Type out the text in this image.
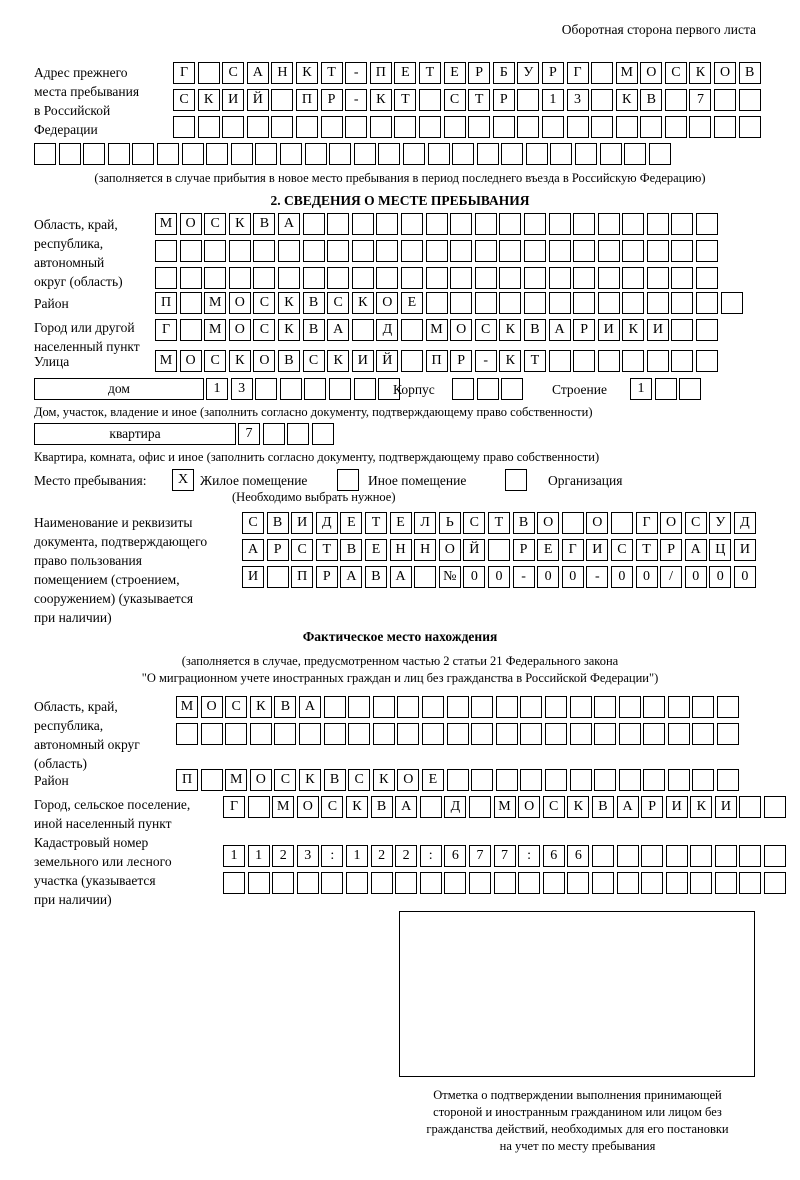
Оборотная сторона первого листа
Адрес прежнего
места пребывания
в Российской
Федерации
Г	С	А	Н	К	Т	-	П	Е	Т	Е	Р	Б	У	Р	Г	М О	С	К	О	В
С	К	И	Й	П	Р	-	К	Т	С	Т	Р	1	3	К	В	7
(заполняется в случае прибытия в новое место пребывания в период последнего въезда в Российскую Федерацию)
2. СВЕДЕНИЯ О МЕСТЕ ПРЕБЫВАНИЯ
Область, край,
республика,
автономный
округ (область)
М О	С	К	В	А
Район	П	М О	С	К	В	С	К	О	Е
Город или другой
населенный пункт
Г	М О	С	К	В	А	Д	М О	С	К	В	А	Р	И	К	И
Улица	М О	С	К	О	В	С	К	И	Й	П	Р	-	К	Т
дом	1	3	Корпус	Строение	1
Дом, участок, владение и иное (заполнить согласно документу, подтверждающему право собственности)
квартира	7
Квартира, комната, офис и иное (заполнить согласно документу, подтверждающему право собственности)
Место пребывания:	Х Жилое помещение	Иное помещение	Организация
(Необходимо выбрать нужное)
Наименование и реквизиты
документа, подтверждающего
право пользования
помещением (строением,
сооружением) (указывается
при наличии)
С	В	И	Д	Е	Т	Е	Л	Ь	С	Т	В	О	О	Г	О	С	У	Д
А	Р	С	Т	В	Е	Н	Н	О	Й	Р	Е	Г	И	С	Т	Р	А	Ц	И
И	П	Р	А	В	А	№	0	0	-	0	0	-	0	0	/	0	0	0
Фактическое место нахождения
(заполняется в случае, предусмотренном частью 2 статьи 21 Федерального закона
"О миграционном учете иностранных граждан и лиц без гражданства в Российской Федерации")
Область, край,
республика,
автономный округ
(область)
М О	С	К	В	А
Район	П	М О	С	К	В	С	К	О	Е
Город, сельское поселение,
иной населенный пункт
Г	М О	С	К	В	А	Д	М О	С	К	В	А	Р	И	К	И
Кадастровый номер
земельного или лесного
участка (указывается
при наличии)
1	1	2	3	:	1	2	2	:	6	7	7	:	6	6
Отметка о подтверждении выполнения принимающей
стороной и иностранным гражданином или лицом без
гражданства действий, необходимых для его постановки
на учет по месту пребывания
